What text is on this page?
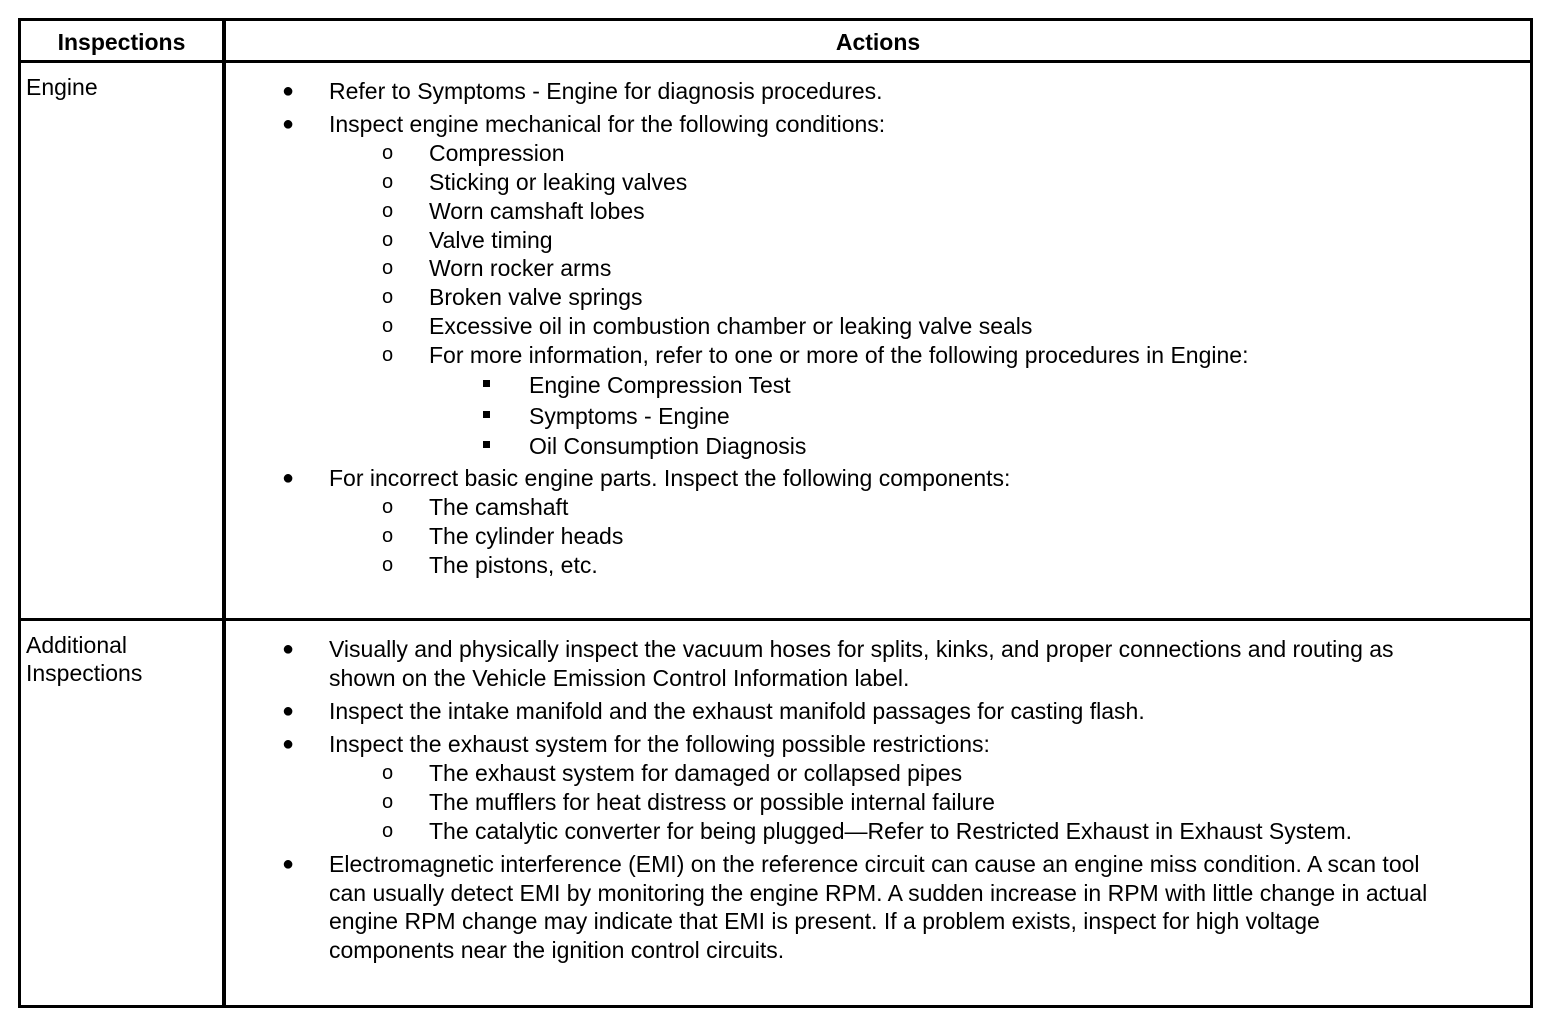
Inspections	Actions
Engine	● Refer to Symptoms - Engine for diagnosis procedures.
● Inspect engine mechanical for the following conditions:
o Compression
o Sticking or leaking valves
o Worn camshaft lobes
o Valve timing
o Worn rocker arms
o Broken valve springs
o Excessive oil in combustion chamber or leaking valve seals
o For more information, refer to one or more of the following procedures in Engine:
Engine Compression Test
Symptoms - Engine
Oil Consumption Diagnosis
● For incorrect basic engine parts. Inspect the following components:
o The camshaft
o The cylinder heads
o The pistons, etc.
Additional
Inspections
● Visually and physically inspect the vacuum hoses for splits, kinks, and proper connections and routing as
shown on the Vehicle Emission Control Information label.
● Inspect the intake manifold and the exhaust manifold passages for casting flash.
● Inspect the exhaust system for the following possible restrictions:
o The exhaust system for damaged or collapsed pipes
o The mufflers for heat distress or possible internal failure
o The catalytic converter for being plugged—Refer to Restricted Exhaust in Exhaust System.
● Electromagnetic interference (EMI) on the reference circuit can cause an engine miss condition. A scan tool
can usually detect EMI by monitoring the engine RPM. A sudden increase in RPM with little change in actual
engine RPM change may indicate that EMI is present. If a problem exists, inspect for high voltage
components near the ignition control circuits.
